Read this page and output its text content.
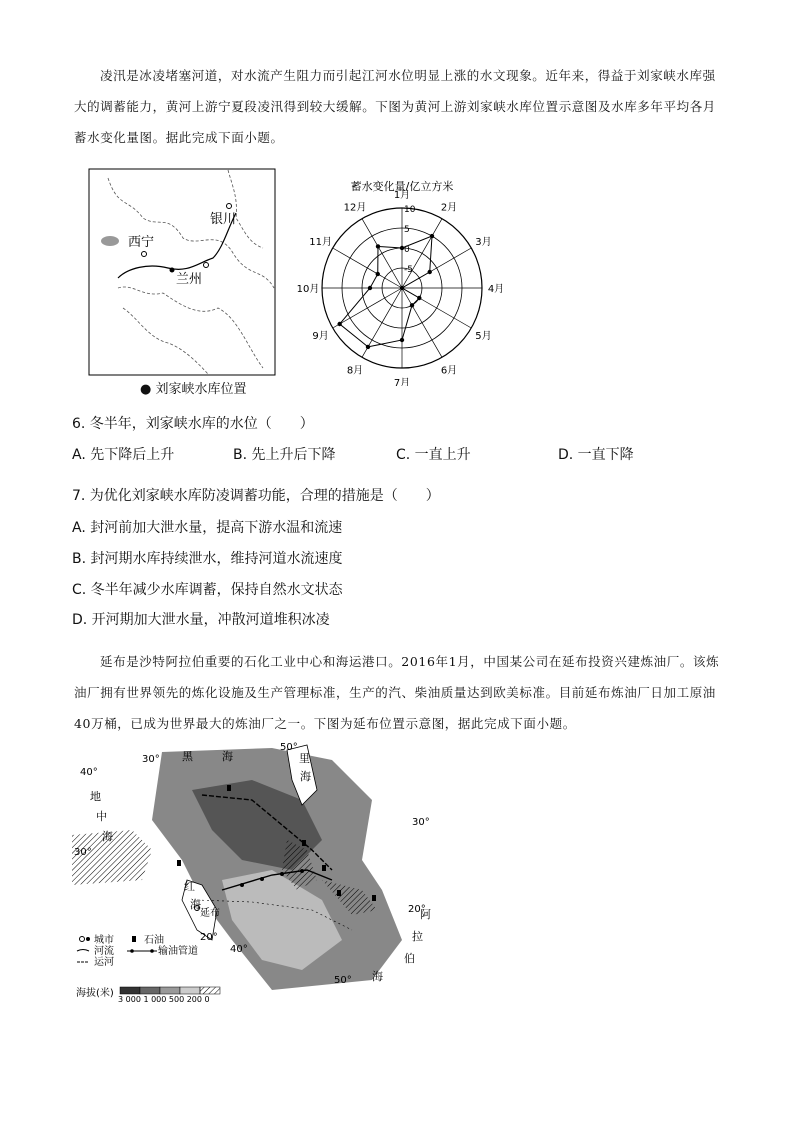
凌汛是冰凌堵塞河道，对水流产生阻力而引起江河水位明显上涨的水文现象。近年来，得益于刘家峡水库强大的调蓄能力，黄河上游宁夏段凌汛得到较大缓解。下图为黄河上游刘家峡水库位置示意图及水库多年平均各月蓄水变化量图。据此完成下面小题。
西宁
银川
兰州
● 刘家峡水库位置
蓄水变化量/亿立方米
10
5
0
-5
1月
2月
3月
4月
5月
6月
7月
8月
9月
10月
11月
12月
6. 冬半年，刘家峡水库的水位（　　）
A. 先下降后上升	B. 先上升后下降	C. 一直上升	D. 一直下降
7. 为优化刘家峡水库防凌调蓄功能，合理的措施是（　　）
A. 封河前加大泄水量，提高下游水温和流速
B. 封河期水库持续泄水，维持河道水流速度
C. 冬半年减少水库调蓄，保持自然水文状态
D. 开河期加大泄水量，冲散河道堆积冰凌
延布是沙特阿拉伯重要的石化工业中心和海运港口。2016年1月，中国某公司在延布投资兴建炼油厂。该炼油厂拥有世界领先的炼化设施及生产管理标准，生产的汽、柴油质量达到欧美标准。目前延布炼油厂日加工原油40万桶，已成为世界最大的炼油厂之一。下图为延布位置示意图，据此完成下面小题。
30°
50°
40°
30°
30°
20°
20°
40°
50°
黑	海	里
海
地
中
海
红
海
阿
拉
伯
海
延布
城市
河流
运河
石油
输油管道
海拔(米)
3 000 1 000 500 200 0
